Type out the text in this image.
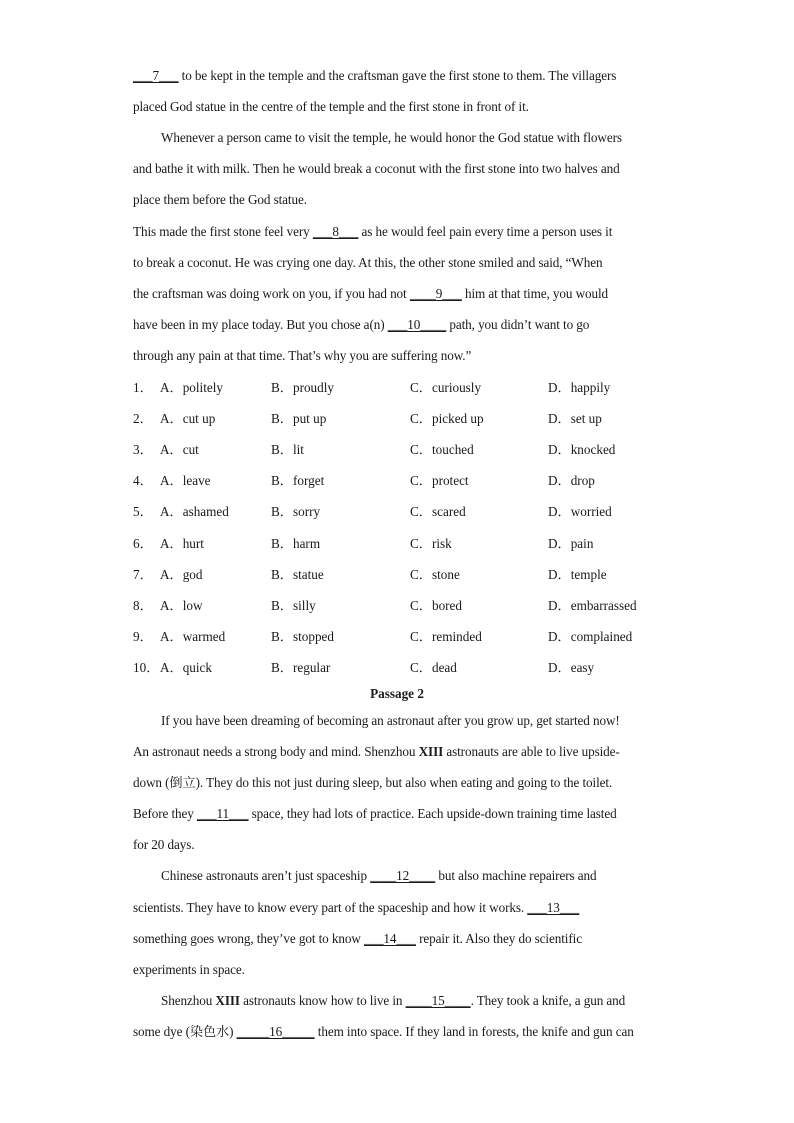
___7___ to be kept in the temple and the craftsman gave the first stone to them. The villagers
placed God statue in the centre of the temple and the first stone in front of it.
Whenever a person came to visit the temple, he would honor the God statue with flowers
and bathe it with milk. Then he would break a coconut with the first stone into two halves and
place them before the God statue.
This made the first stone feel very ___8___ as he would feel pain every time a person uses it
to break a coconut. He was crying one day. At this, the other stone smiled and said, “When
the craftsman was doing work on you, if you had not ____9___ him at that time, you would
have been in my place today. But you chose a(n) ___10____ path, you didn’t want to go
through any pain at that time. That’s why you are suffering now.”
1． A．politely	B．proudly	C．curiously	D．happily
2． A．cut up	B．put up	C．picked up	D．set up
3． A．cut	B．lit	C．touched	D．knocked
4． A．leave	B．forget	C．protect	D．drop
5． A．ashamed	B．sorry	C．scared	D．worried
6． A．hurt	B．harm	C．risk	D．pain
7． A．god	B．statue	C．stone	D．temple
8． A．low	B．silly	C．bored	D．embarrassed
9． A．warmed	B．stopped	C．reminded	D．complained
10． A．quick	B．regular	C．dead	D．easy
Passage 2
If you have been dreaming of becoming an astronaut after you grow up, get started now!
An astronaut needs a strong body and mind. Shenzhou XIII astronauts are able to live upside-
down (倒立). They do this not just during sleep, but also when eating and going to the toilet.
Before they ___11___ space, they had lots of practice. Each upside-down training time lasted
for 20 days.
Chinese astronauts aren’t just spaceship ____12____ but also machine repairers and
scientists. They have to know every part of the spaceship and how it works. ___13___
something goes wrong, they’ve got to know ___14___ repair it. Also they do scientific
experiments in space.
Shenzhou XIII astronauts know how to live in ____15____. They took a knife, a gun and
some dye (染色水) _____16_____ them into space. If they land in forests, the knife and gun can
